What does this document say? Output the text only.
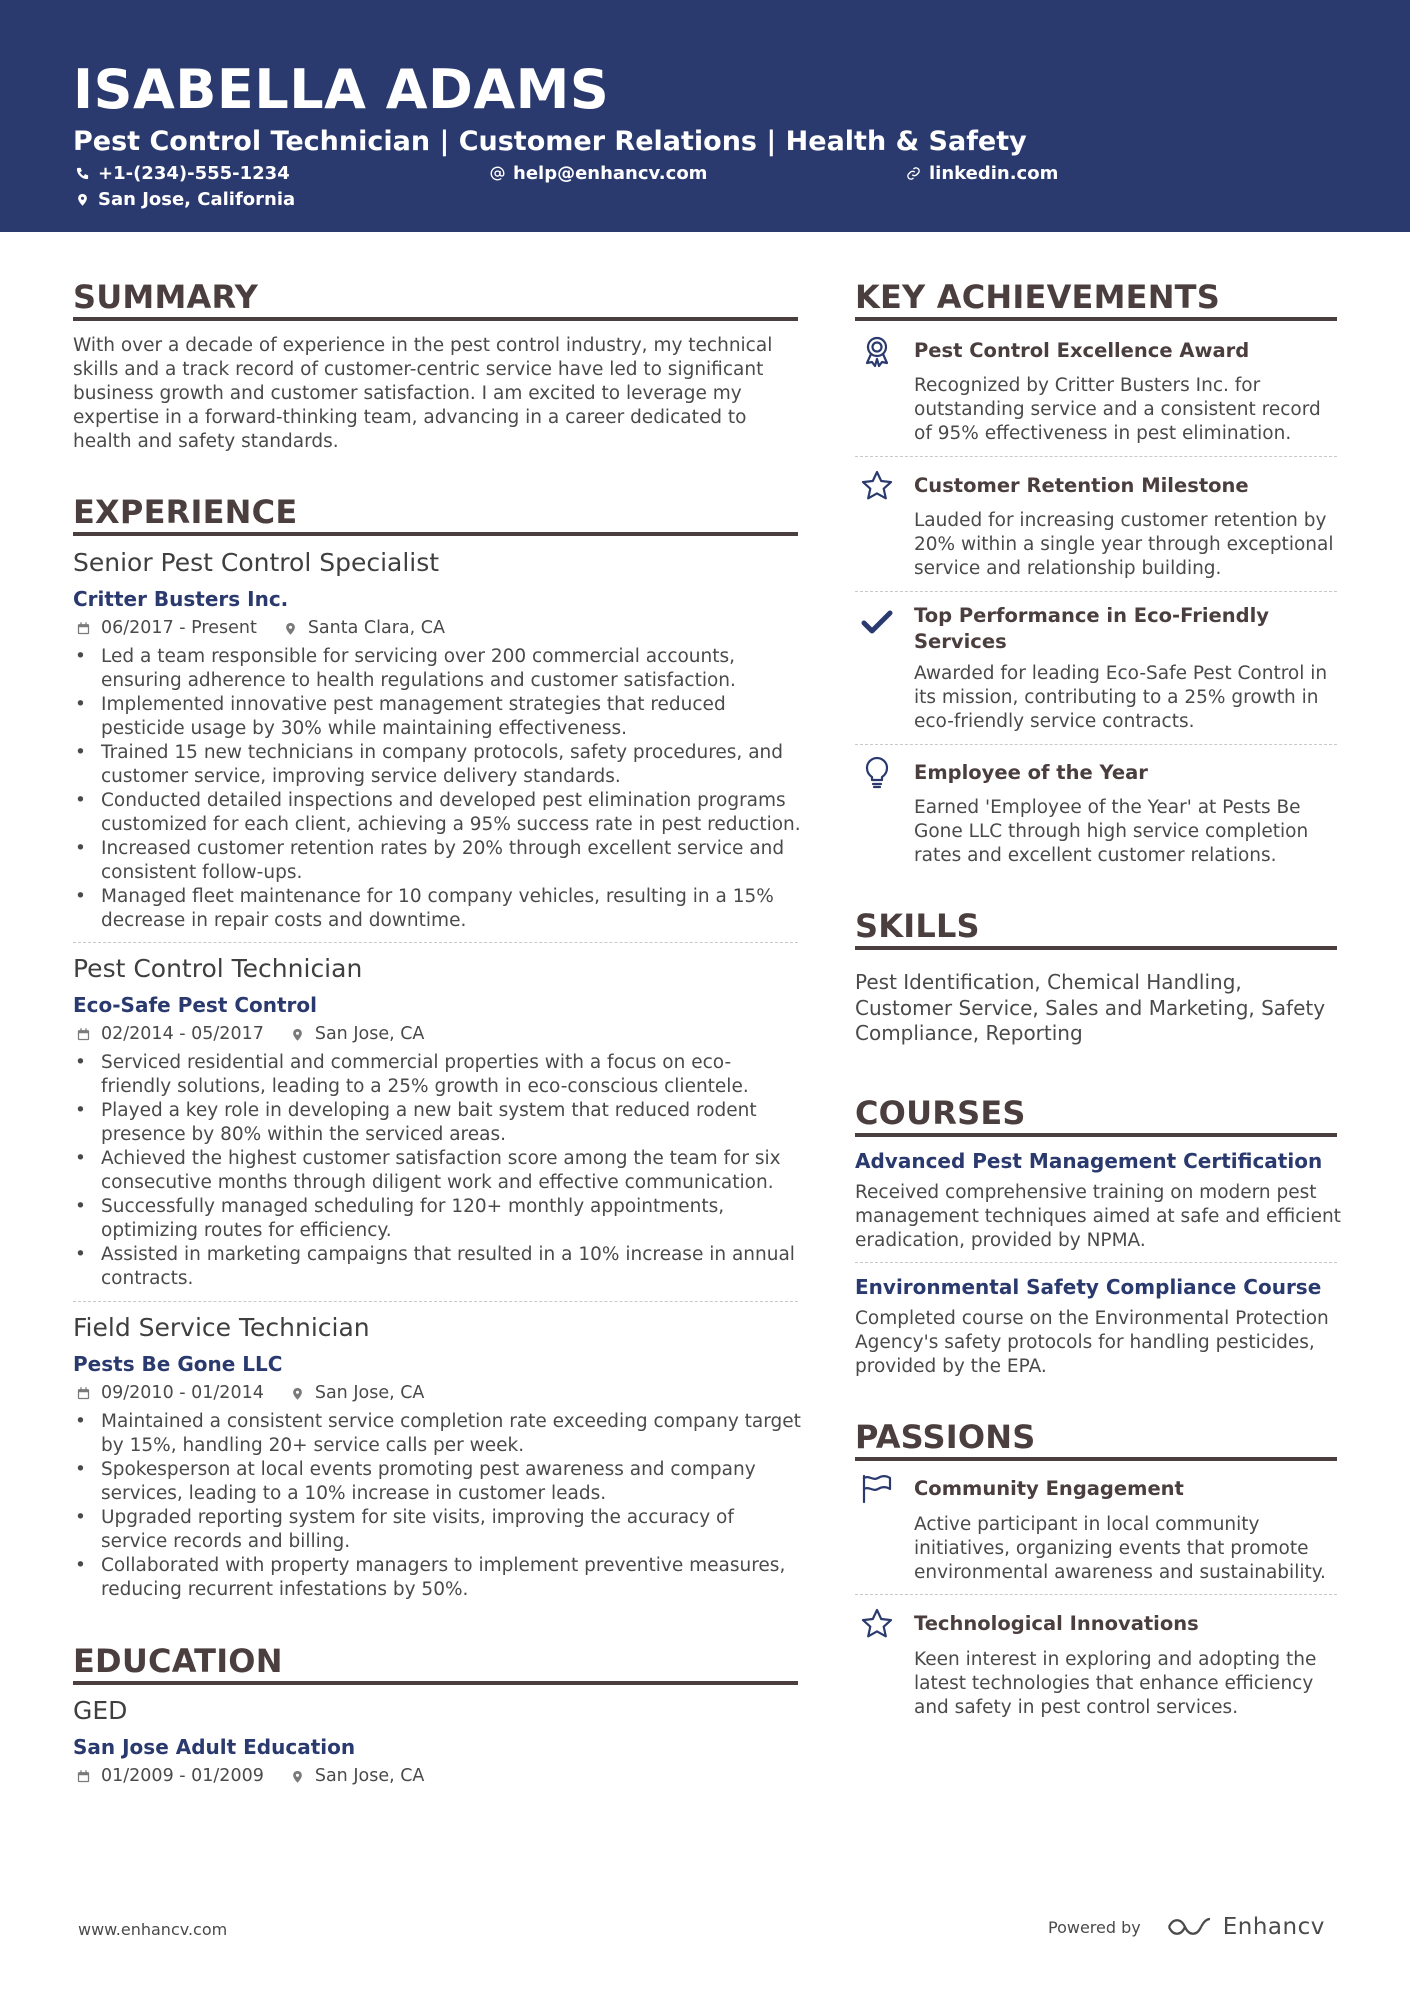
ISABELLA ADAMS
Pest Control Technician | Customer Relations | Health & Safety
+1-(234)-555-1234	help@enhancv.com	linkedin.com
San Jose, California
SUMMARY
With over a decade of experience in the pest control industry, my technical
skills and a track record of customer-centric service have led to significant
business growth and customer satisfaction. I am excited to leverage my
expertise in a forward-thinking team, advancing in a career dedicated to
health and safety standards.
EXPERIENCE
Senior Pest Control Specialist
Critter Busters Inc.
06/2017 - Present	Santa Clara, CA
• Led a team responsible for servicing over 200 commercial accounts,
ensuring adherence to health regulations and customer satisfaction.
• Implemented innovative pest management strategies that reduced
pesticide usage by 30% while maintaining effectiveness.
• Trained 15 new technicians in company protocols, safety procedures, and
customer service, improving service delivery standards.
• Conducted detailed inspections and developed pest elimination programs
customized for each client, achieving a 95% success rate in pest reduction.
• Increased customer retention rates by 20% through excellent service and
consistent follow-ups.
• Managed fleet maintenance for 10 company vehicles, resulting in a 15%
decrease in repair costs and downtime.
Pest Control Technician
Eco-Safe Pest Control
02/2014 - 05/2017	San Jose, CA
• Serviced residential and commercial properties with a focus on eco-
friendly solutions, leading to a 25% growth in eco-conscious clientele.
• Played a key role in developing a new bait system that reduced rodent
presence by 80% within the serviced areas.
• Achieved the highest customer satisfaction score among the team for six
consecutive months through diligent work and effective communication.
• Successfully managed scheduling for 120+ monthly appointments,
optimizing routes for efficiency.
• Assisted in marketing campaigns that resulted in a 10% increase in annual
contracts.
Field Service Technician
Pests Be Gone LLC
09/2010 - 01/2014	San Jose, CA
• Maintained a consistent service completion rate exceeding company target
by 15%, handling 20+ service calls per week.
• Spokesperson at local events promoting pest awareness and company
services, leading to a 10% increase in customer leads.
• Upgraded reporting system for site visits, improving the accuracy of
service records and billing.
• Collaborated with property managers to implement preventive measures,
reducing recurrent infestations by 50%.
EDUCATION
GED
San Jose Adult Education
01/2009 - 01/2009	San Jose, CA
KEY ACHIEVEMENTS
Pest Control Excellence Award
Recognized by Critter Busters Inc. for
outstanding service and a consistent record
of 95% effectiveness in pest elimination.
Customer Retention Milestone
Lauded for increasing customer retention by
20% within a single year through exceptional
service and relationship building.
Top Performance in Eco-Friendly
Services
Awarded for leading Eco-Safe Pest Control in
its mission, contributing to a 25% growth in
eco-friendly service contracts.
Employee of the Year
Earned 'Employee of the Year' at Pests Be
Gone LLC through high service completion
rates and excellent customer relations.
SKILLS
Pest Identification, Chemical Handling,
Customer Service, Sales and Marketing, Safety
Compliance, Reporting
COURSES
Advanced Pest Management Certification
Received comprehensive training on modern pest
management techniques aimed at safe and efficient
eradication, provided by NPMA.
Environmental Safety Compliance Course
Completed course on the Environmental Protection
Agency's safety protocols for handling pesticides,
provided by the EPA.
PASSIONS
Community Engagement
Active participant in local community
initiatives, organizing events that promote
environmental awareness and sustainability.
Technological Innovations
Keen interest in exploring and adopting the
latest technologies that enhance efficiency
and safety in pest control services.
www.enhancv.com	Powered by	Enhancv
